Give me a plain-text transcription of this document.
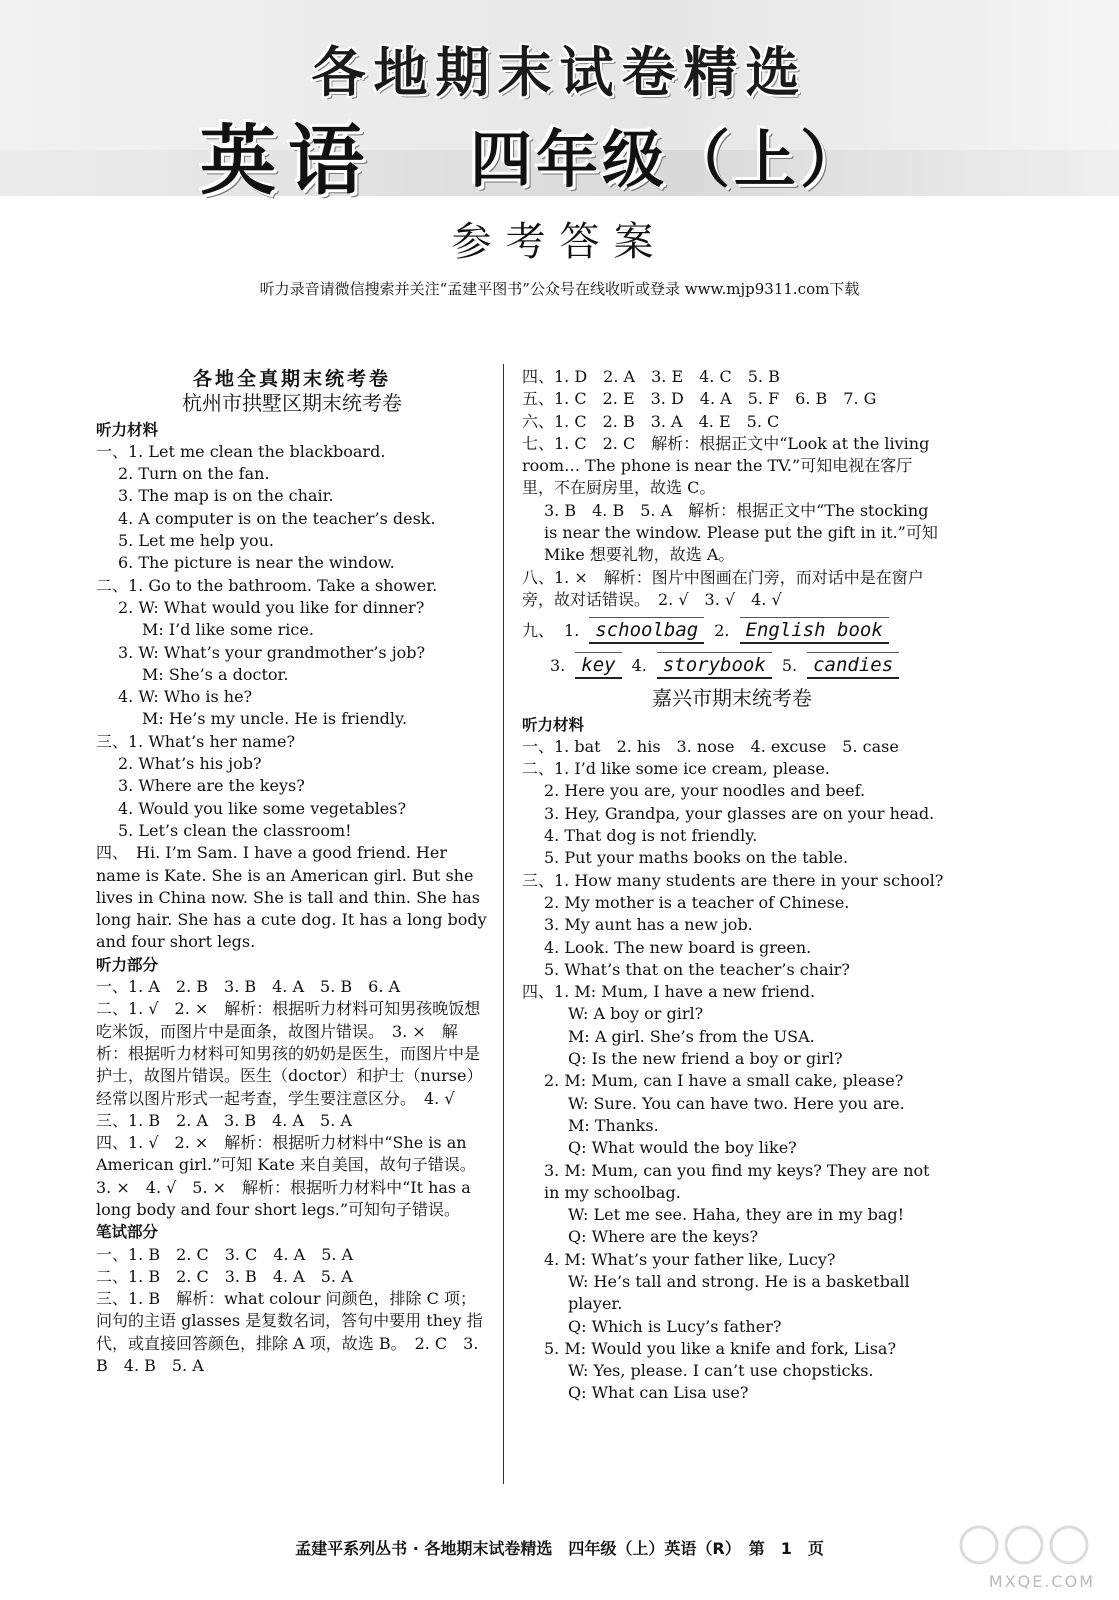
各地期末试卷精选
英语 四年级（上）
参考答案
听力录音请微信搜索并关注“孟建平图书”公众号在线收听或登录 www.mjp9311.com下载
各地全真期末统考卷
杭州市拱墅区期末统考卷
听力材料
一、1. Let me clean the blackboard.
2. Turn on the fan.
3. The map is on the chair.
4. A computer is on the teacher’s desk.
5. Let me help you.
6. The picture is near the window.
二、1. Go to the bathroom. Take a shower.
2. W: What would you like for dinner?
M: I’d like some rice.
3. W: What’s your grandmother’s job?
M: She’s a doctor.
4. W: Who is he?
M: He’s my uncle. He is friendly.
三、1. What’s her name?
2. What’s his job?
3. Where are the keys?
4. Would you like some vegetables?
5. Let’s clean the classroom!
四、　Hi. I’m Sam. I have a good friend. Her name is Kate. She is an American girl. But she lives in China now. She is tall and thin. She has long hair. She has a cute dog. It has a long body and four short legs.
听力部分
一、1. A　2. B　3. B　4. A　5. B　6. A
二、1. √　2. ×　解析：根据听力材料可知男孩晚饭想吃米饭，而图片中是面条，故图片错误。　3. ×　解析：根据听力材料可知男孩的奶奶是医生，而图片中是护士，故图片错误。医生（doctor）和护士（nurse）经常以图片形式一起考查，学生要注意区分。　4. √
三、1. B　2. A　3. B　4. A　5. A
四、1. √　2. ×　解析：根据听力材料中“She is an American girl.”可知 Kate 来自美国，故句子错误。　3. ×　4. √　5. ×　解析：根据听力材料中“It has a long body and four short legs.”可知句子错误。
笔试部分
一、1. B　2. C　3. C　4. A　5. A
二、1. B　2. C　3. B　4. A　5. A
三、1. B　解析：what colour 问颜色，排除 C 项；问句的主语 glasses 是复数名词，答句中要用 they 指代，或直接回答颜色，排除 A 项，故选 B。　2. C　3. B　4. B　5. A
四、1. D　2. A　3. E　4. C　5. B
五、1. C　2. E　3. D　4. A　5. F　6. B　7. G
六、1. C　2. B　3. A　4. E　5. C
七、1. C　2. C　解析：根据正文中“Look at the living room… The phone is near the TV.”可知电视在客厅里，不在厨房里，故选 C。
3. B　4. B　5. A　解析：根据正文中“The stocking is near the window. Please put the gift in it.”可知 Mike 想要礼物，故选 A。
八、1. ×　解析：图片中图画在门旁，而对话中是在窗户旁，故对话错误。　2. √　3. √　4. √
九、 1. schoolbag	2. English book
3. key	4. storybook	5. candies
嘉兴市期末统考卷
听力材料
一、1. bat　2. his　3. nose　4. excuse　5. case
二、1. I’d like some ice cream, please.
2. Here you are, your noodles and beef.
3. Hey, Grandpa, your glasses are on your head.
4. That dog is not friendly.
5. Put your maths books on the table.
三、1. How many students are there in your school?
2. My mother is a teacher of Chinese.
3. My aunt has a new job.
4. Look. The new board is green.
5. What’s that on the teacher’s chair?
四、1. M: Mum, I have a new friend.
W: A boy or girl?
M: A girl. She’s from the USA.
Q: Is the new friend a boy or girl?
2. M: Mum, can I have a small cake, please?
W: Sure. You can have two. Here you are.
M: Thanks.
Q: What would the boy like?
3. M: Mum, can you find my keys? They are not in my schoolbag.
W: Let me see. Haha, they are in my bag!
Q: Where are the keys?
4. M: What’s your father like, Lucy?
W: He’s tall and strong. He is a basketball player.
Q: Which is Lucy’s father?
5. M: Would you like a knife and fork, Lisa?
W: Yes, please. I can’t use chopsticks.
Q: What can Lisa use?
孟建平系列丛书 · 各地期末试卷精选　四年级（上）英语（R）　第　1　页
MXQE.COM
